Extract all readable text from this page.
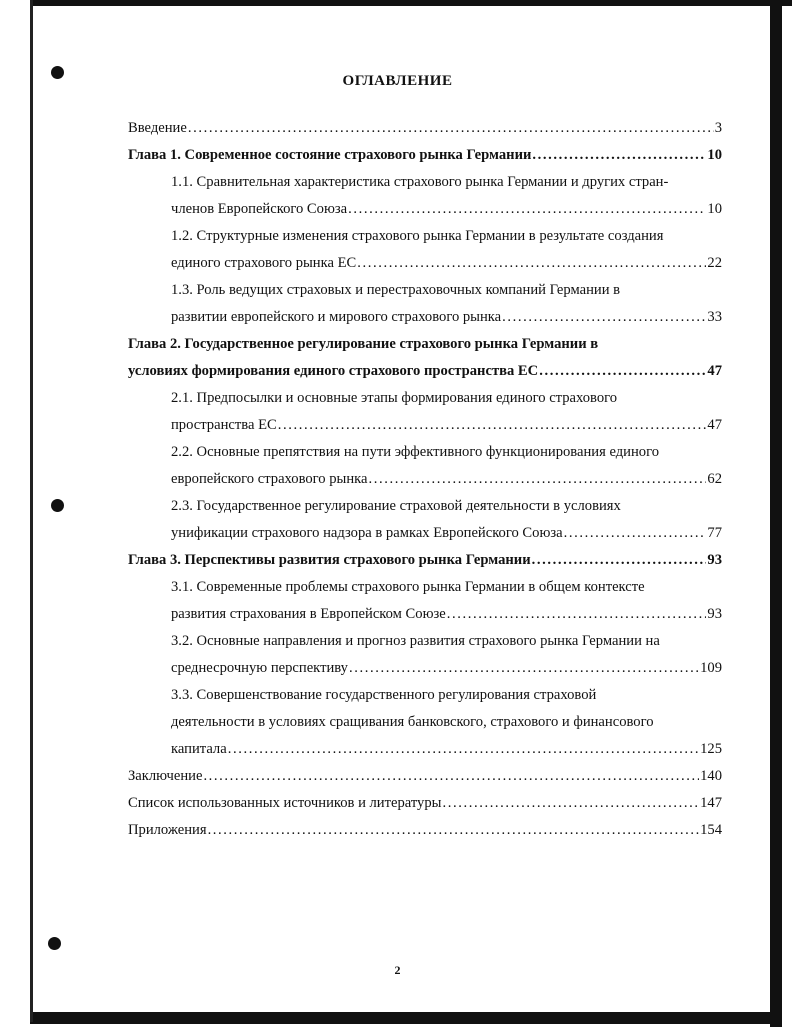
ОГЛАВЛЕНИЕ
Введение .....	3
Глава 1. Современное состояние страхового рынка Германии .....	10
1.1. Сравнительная характеристика страхового рынка Германии и других стран-
членов Европейского Союза .....	10
1.2. Структурные изменения страхового рынка Германии в результате создания
единого страхового рынка ЕС .....	22
1.3. Роль ведущих страховых и перестраховочных компаний Германии в
развитии европейского и мирового страхового рынка .....	33
Глава 2. Государственное регулирование страхового рынка Германии в
условиях формирования единого страхового пространства ЕС .....	47
2.1. Предпосылки и основные этапы формирования единого страхового
пространства ЕС .....	47
2.2. Основные препятствия на пути эффективного функционирования единого
европейского страхового рынка .....	62
2.3. Государственное регулирование страховой деятельности в условиях
унификации страхового надзора в рамках Европейского Союза .....	77
Глава 3. Перспективы развития страхового рынка Германии .....	93
3.1. Современные проблемы страхового рынка Германии в общем контексте
развития страхования в Европейском Союзе .....	93
3.2. Основные направления и прогноз развития страхового рынка Германии на
среднесрочную перспективу .....	109
3.3. Совершенствование государственного регулирования страховой
деятельности в условиях сращивания банковского, страхового и финансового
капитала .....	125
Заключение .....	140
Список использованных источников и литературы .....	147
Приложения .....	154
2
